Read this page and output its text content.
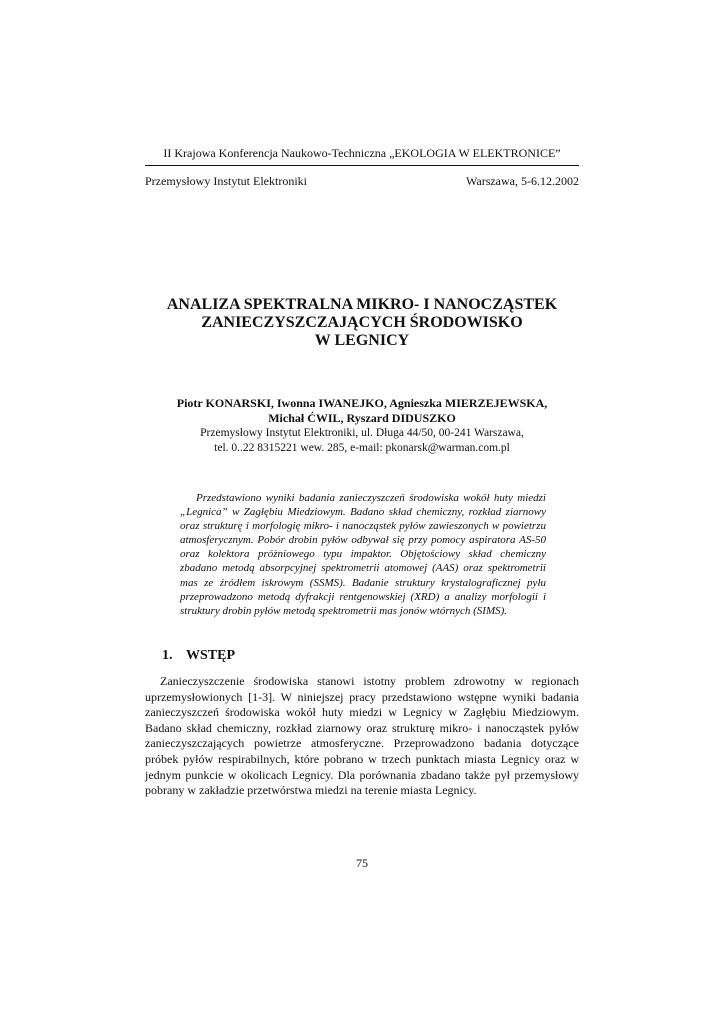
II Krajowa Konferencja Naukowo-Techniczna „EKOLOGIA W ELEKTRONICE”
Przemysłowy Instytut Elektroniki	Warszawa, 5-6.12.2002
ANALIZA SPEKTRALNA MIKRO- I NANOCZĄSTEK
ZANIECZYSZCZAJĄCYCH ŚRODOWISKO
W LEGNICY
Piotr KONARSKI, Iwonna IWANEJKO, Agnieszka MIERZEJEWSKA,
Michał ĆWIL, Ryszard DIDUSZKO
Przemysłowy Instytut Elektroniki, ul. Długa 44/50, 00-241 Warszawa,
tel. 0..22 8315221 wew. 285, e-mail: pkonarsk@warman.com.pl
Przedstawiono wyniki badania zanieczyszczeń środowiska wokół huty miedzi
„Legnica” w Zagłębiu Miedziowym. Badano skład chemiczny, rozkład ziarnowy
oraz strukturę i morfologię mikro- i nanocząstek pyłów zawieszonych w powietrzu
atmosferycznym. Pobór drobin pyłów odbywał się przy pomocy aspiratora AS-50
oraz kolektora próżniowego typu impaktor. Objętościowy skład chemiczny
zbadano metodą absorpcyjnej spektrometrii atomowej (AAS) oraz spektrometrii
mas ze źródłem iskrowym (SSMS). Badanie struktury krystalograficznej pyłu
przeprowadzono metodą dyfrakcji rentgenowskiej (XRD) a analizy morfologii i
struktury drobin pyłów metodą spektrometrii mas jonów wtórnych (SIMS).
1. WSTĘP
Zanieczyszczenie środowiska stanowi istotny problem zdrowotny w regionach
uprzemysłowionych [1-3]. W niniejszej pracy przedstawiono wstępne wyniki badania
zanieczyszczeń środowiska wokół huty miedzi w Legnicy w Zagłębiu Miedziowym.
Badano skład chemiczny, rozkład ziarnowy oraz strukturę mikro- i nanocząstek pyłów
zanieczyszczających powietrze atmosferyczne. Przeprowadzono badania dotyczące
próbek pyłów respirabilnych, które pobrano w trzech punktach miasta Legnicy oraz w
jednym punkcie w okolicach Legnicy. Dla porównania zbadano także pył przemysłowy
pobrany w zakładzie przetwórstwa miedzi na terenie miasta Legnicy.
75
